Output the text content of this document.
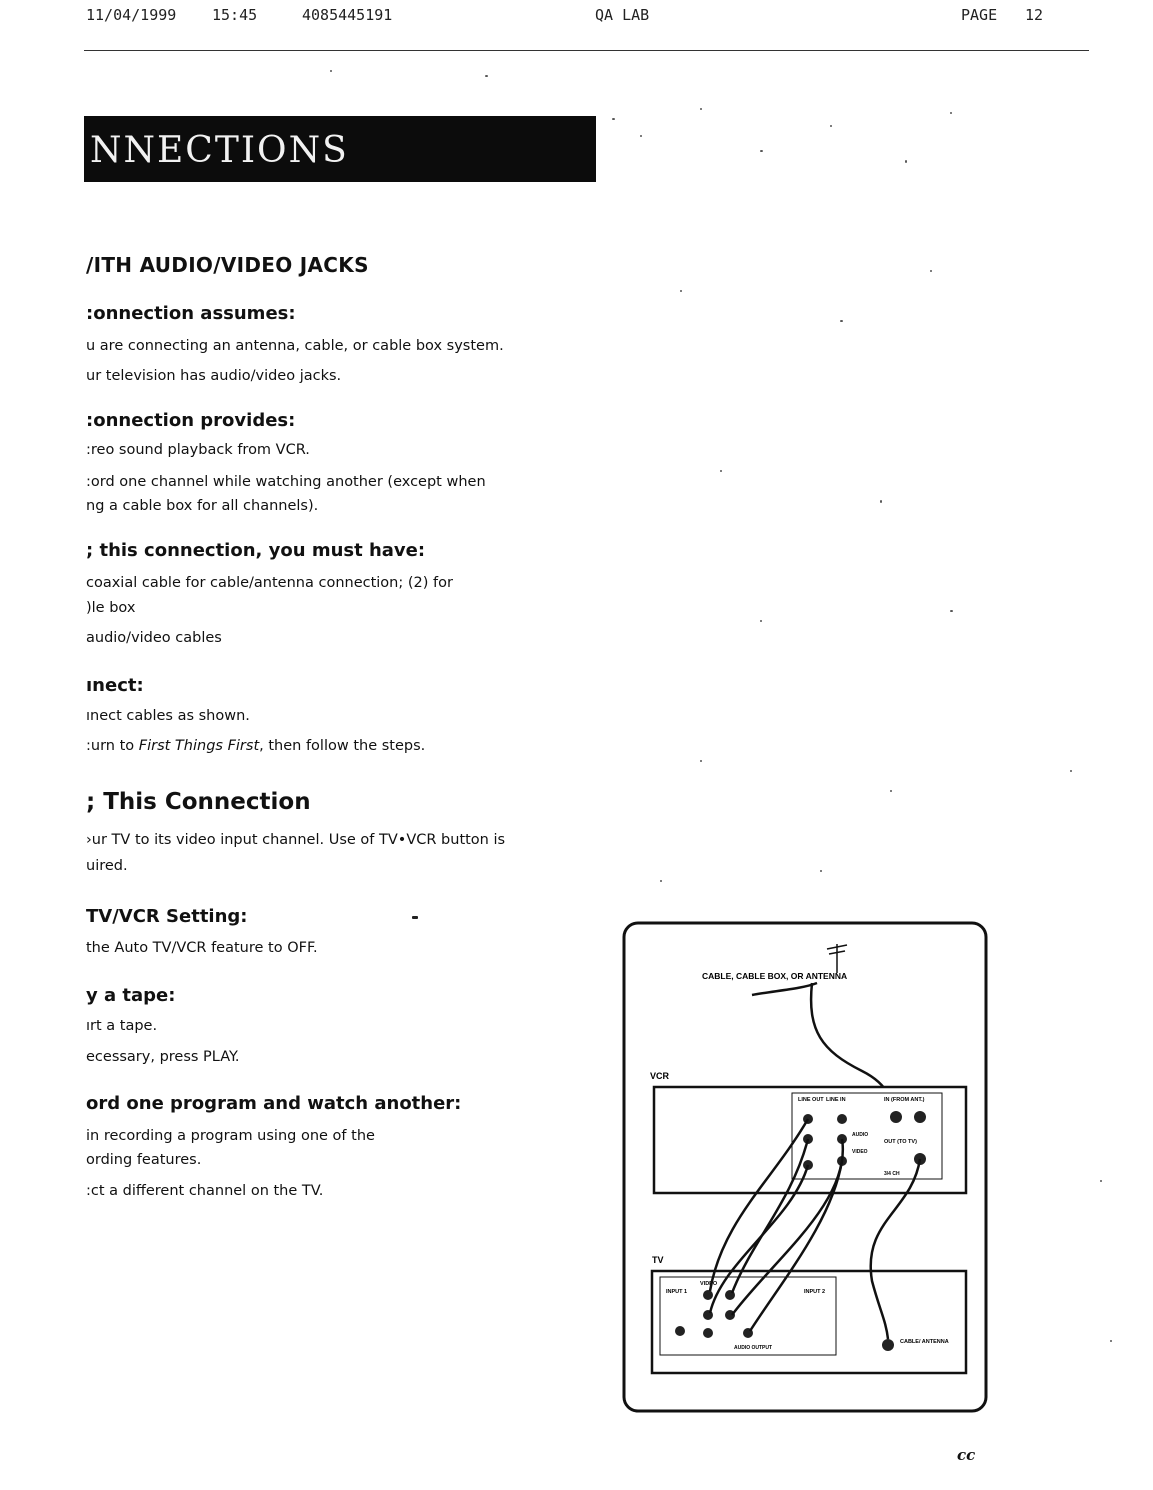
11/04/1999 15:45	4085445191	QA LAB	PAGE 12
NNECTIONS
/ITH AUDIO/VIDEO JACKS
:onnection assumes:
u are connecting an antenna, cable, or cable box system.
ur television has audio/video jacks.
:onnection provides:
:reo sound playback from VCR.
:ord one channel while watching another (except when
ng a cable box for all channels).
; this connection, you must have:
coaxial cable for cable/antenna connection; (2) for
)le box
audio/video cables
ınect:
ınect cables as shown.
:urn to First Things First, then follow the steps.
; This Connection
›ur TV to its video input channel. Use of TV•VCR button is
uired.
TV/VCR Setting:
the Auto TV/VCR feature to OFF.
y a tape:
ırt a tape.
ecessary, press PLAY.
ord one program and watch another:
in recording a program using one of the
ording features.
:ct a different channel on the TV.
CABLE, CABLE BOX, OR ANTENNA
VCR
LINE OUT LINE IN	IN (FROM ANT.)
OUT (TO TV)
AUDIO
VIDEO
3/4 CH
TV
INPUT 1
VIDEO
INPUT 2
AUDIO OUTPUT
CABLE/ ANTENNA
cc
